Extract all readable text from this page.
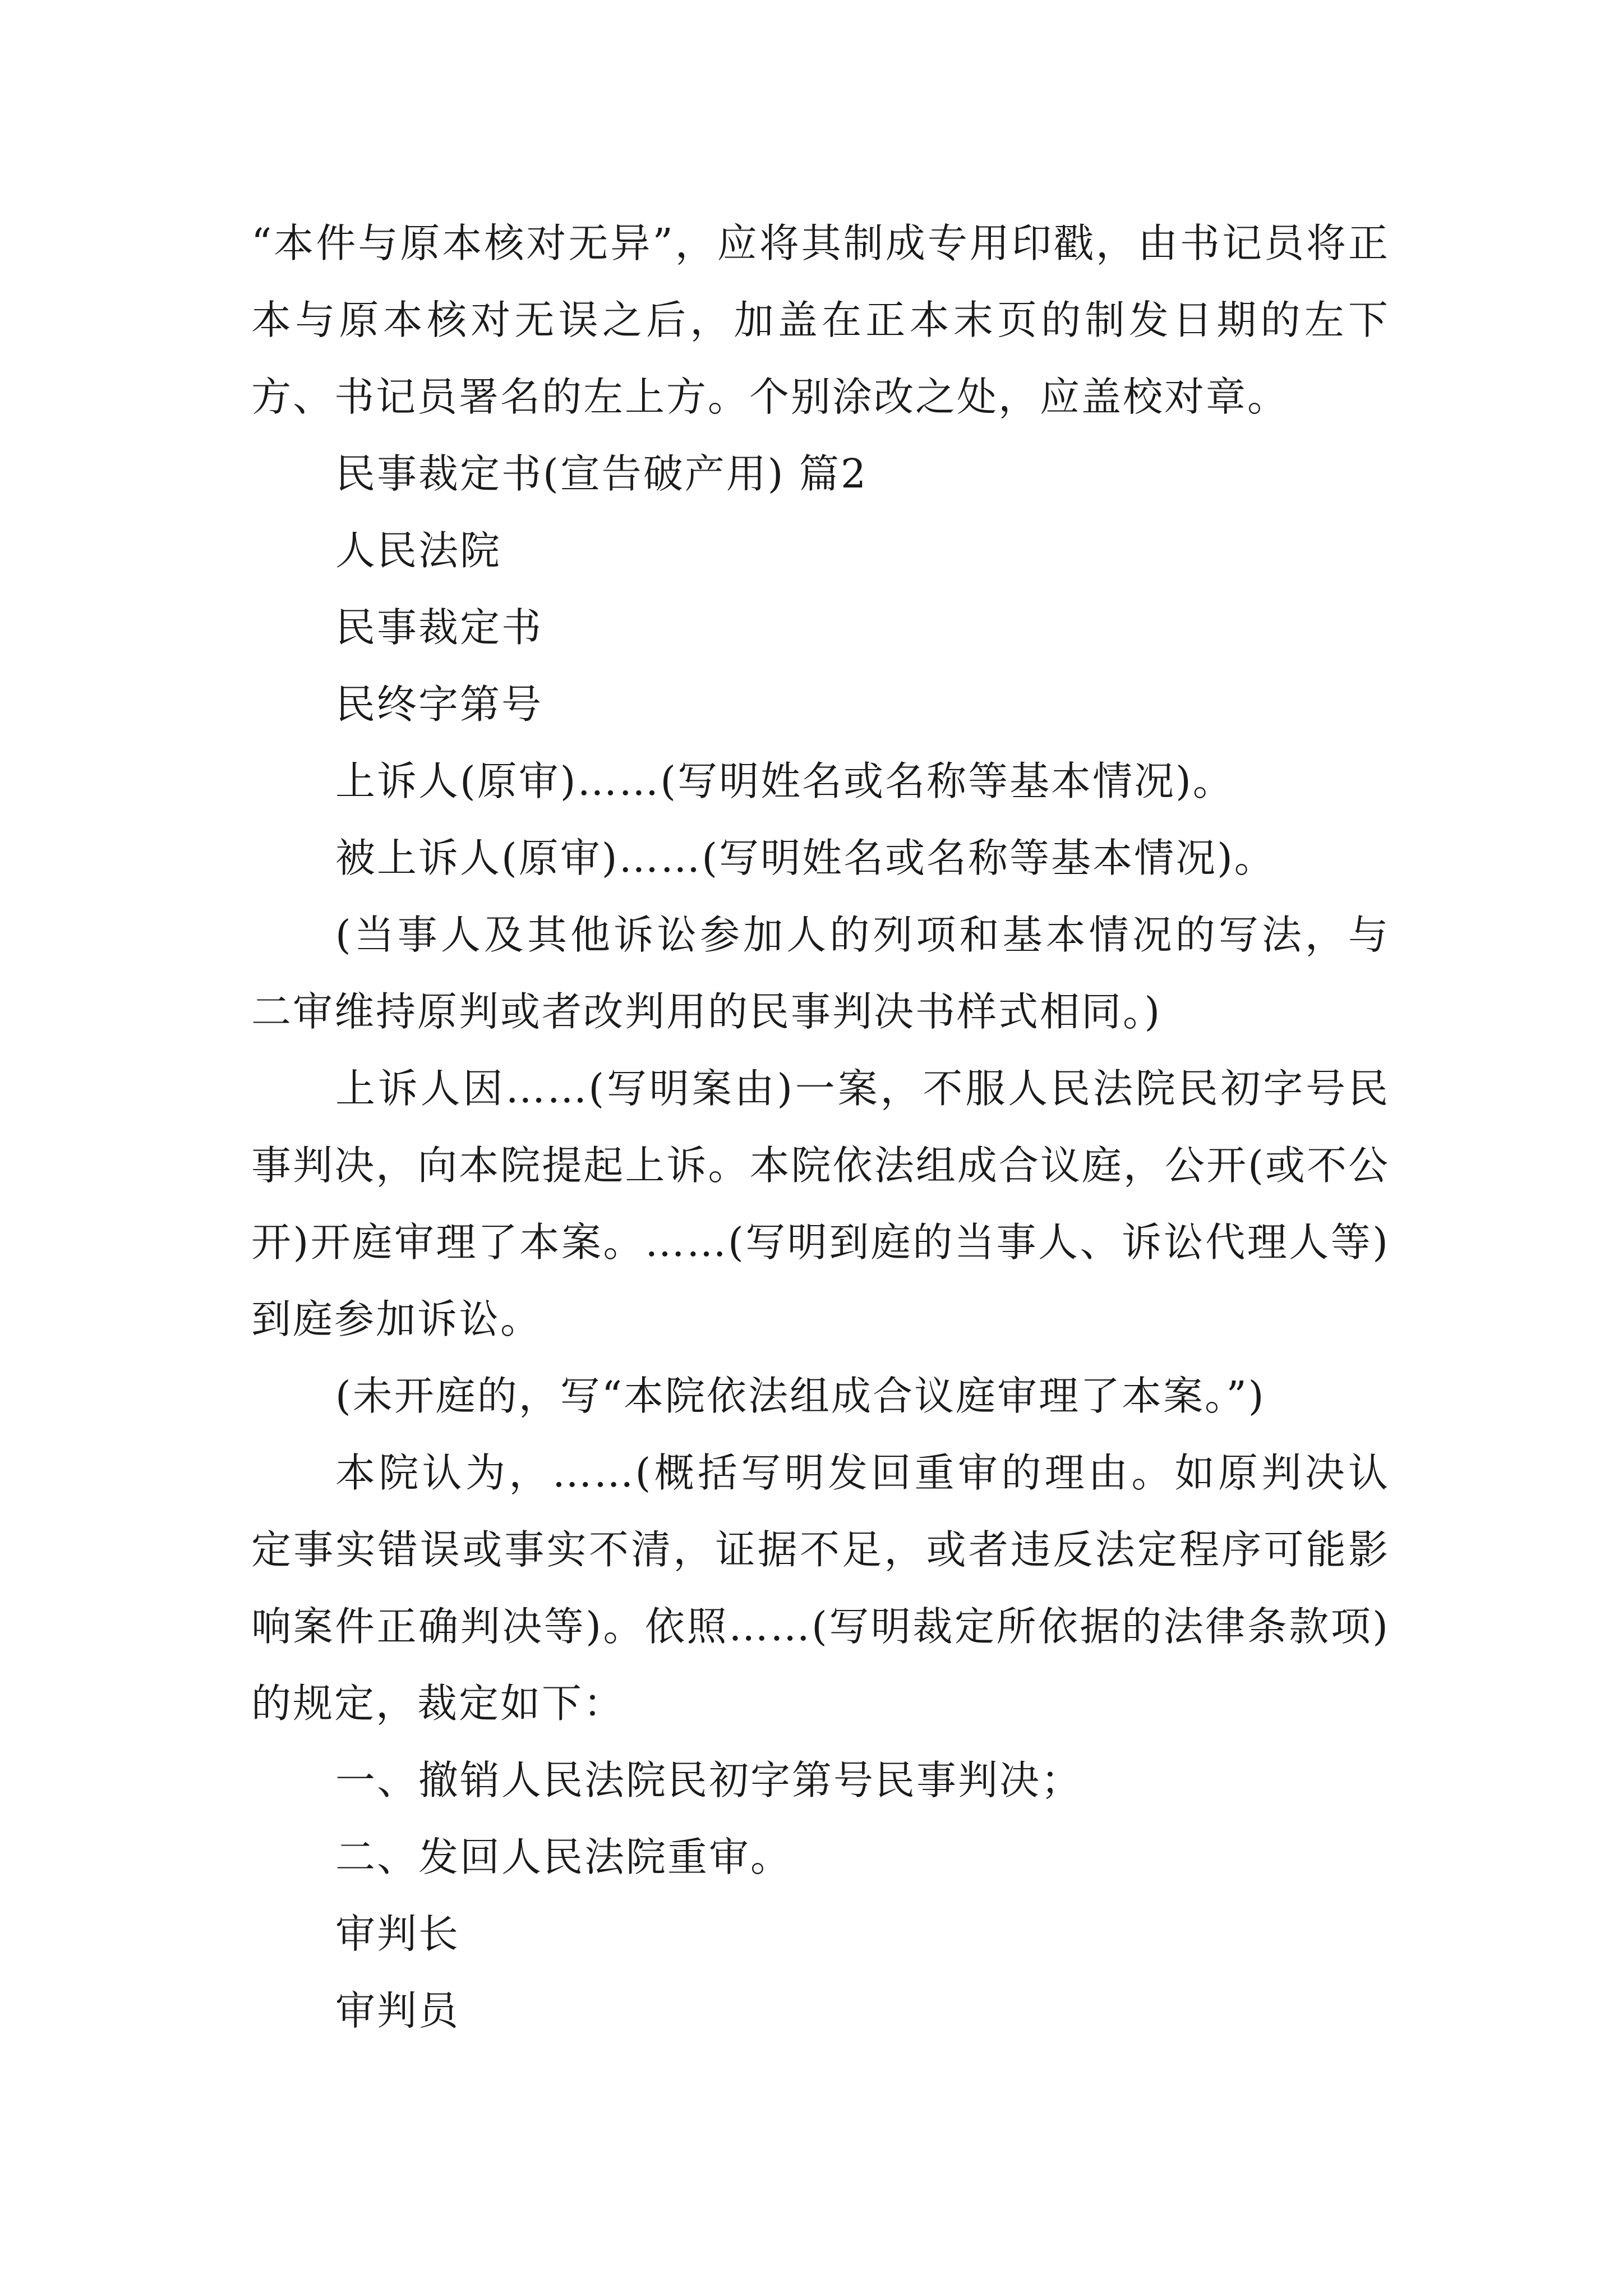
“本件与原本核对无异”，应将其制成专用印戳，由书记员将正本与原本核对无误之后，加盖在正本末页的制发日期的左下方、书记员署名的左上方。个别涂改之处，应盖校对章。

民事裁定书(宣告破产用) 篇2

人民法院

民事裁定书

民终字第号

上诉人(原审)……(写明姓名或名称等基本情况)。

被上诉人(原审)……(写明姓名或名称等基本情况)。

(当事人及其他诉讼参加人的列项和基本情况的写法，与二审维持原判或者改判用的民事判决书样式相同。)

上诉人因……(写明案由)一案，不服人民法院民初字号民事判决，向本院提起上诉。本院依法组成合议庭，公开(或不公开)开庭审理了本案。……(写明到庭的当事人、诉讼代理人等)到庭参加诉讼。

(未开庭的，写“本院依法组成合议庭审理了本案。”)

本院认为，……(概括写明发回重审的理由。如原判决认定事实错误或事实不清，证据不足，或者违反法定程序可能影响案件正确判决等)。依照……(写明裁定所依据的法律条款项)的规定，裁定如下：

一、撤销人民法院民初字第号民事判决；

二、发回人民法院重审。

审判长

审判员
